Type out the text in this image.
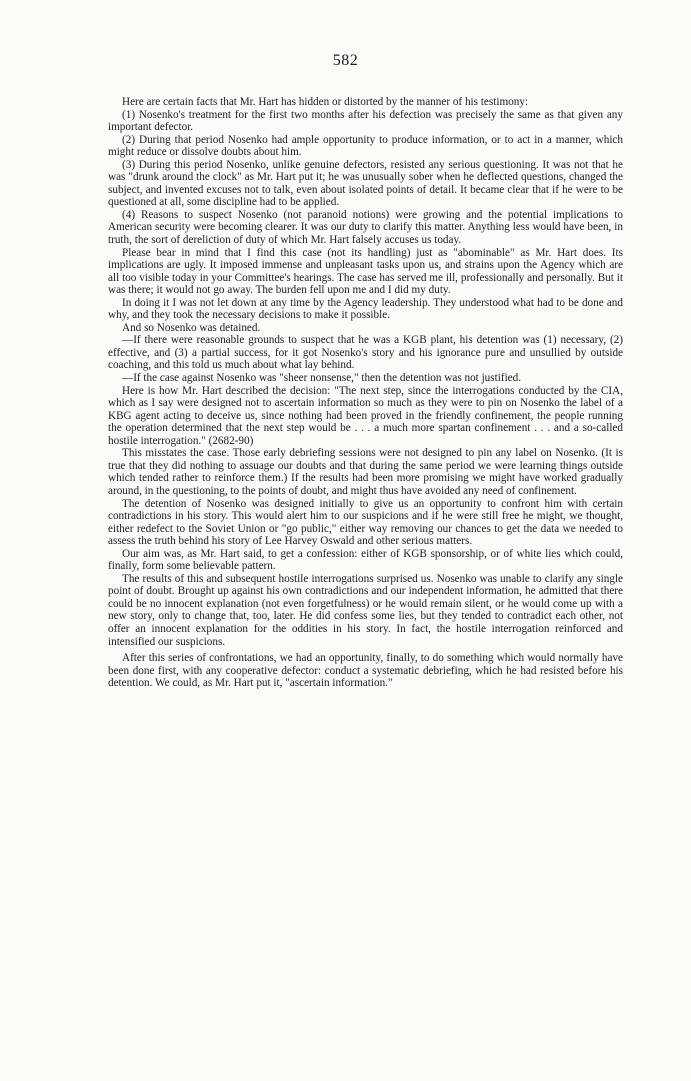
582

Here are certain facts that Mr. Hart has hidden or distorted by the manner of his testimony:

(1) Nosenko's treatment for the first two months after his defection was precisely the same as that given any important defector.

(2) During that period Nosenko had ample opportunity to produce information, or to act in a manner, which might reduce or dissolve doubts about him.

(3) During this period Nosenko, unlike genuine defectors, resisted any serious questioning. It was not that he was "drunk around the clock" as Mr. Hart put it; he was unusually sober when he deflected questions, changed the subject, and invented excuses not to talk, even about isolated points of detail. It became clear that if he were to be questioned at all, some discipline had to be applied.

(4) Reasons to suspect Nosenko (not paranoid notions) were growing and the potential implications to American security were becoming clearer. It was our duty to clarify this matter. Anything less would have been, in truth, the sort of dereliction of duty of which Mr. Hart falsely accuses us today.

Please bear in mind that I find this case (not its handling) just as "abominable" as Mr. Hart does. Its implications are ugly. It imposed immense and unpleasant tasks upon us, and strains upon the Agency which are all too visible today in your Committee's hearings. The case has served me ill, professionally and personally. But it was there; it would not go away. The burden fell upon me and I did my duty.

In doing it I was not let down at any time by the Agency leadership. They understood what had to be done and why, and they took the necessary decisions to make it possible.

And so Nosenko was detained.

—If there were reasonable grounds to suspect that he was a KGB plant, his detention was (1) necessary, (2) effective, and (3) a partial success, for it got Nosenko's story and his ignorance pure and unsullied by outside coaching, and this told us much about what lay behind.

—If the case against Nosenko was "sheer nonsense," then the detention was not justified.

Here is how Mr. Hart described the decision: "The next step, since the interrogations conducted by the CIA, which as I say were designed not to ascertain information so much as they were to pin on Nosenko the label of a KBG agent acting to deceive us, since nothing had been proved in the friendly confinement, the people running the operation determined that the next step would be . . . a much more spartan confinement . . . and a so-called hostile interrogation." (2682-90)

This misstates the case. Those early debriefing sessions were not designed to pin any label on Nosenko. (It is true that they did nothing to assuage our doubts and that during the same period we were learning things outside which tended rather to reinforce them.) If the results had been more promising we might have worked gradually around, in the questioning, to the points of doubt, and might thus have avoided any need of confinement.

The detention of Nosenko was designed initially to give us an opportunity to confront him with certain contradictions in his story. This would alert him to our suspicions and if he were still free he might, we thought, either redefect to the Soviet Union or "go public," either way removing our chances to get the data we needed to assess the truth behind his story of Lee Harvey Oswald and other serious matters.

Our aim was, as Mr. Hart said, to get a confession: either of KGB sponsorship, or of white lies which could, finally, form some believable pattern.

The results of this and subsequent hostile interrogations surprised us. Nosenko was unable to clarify any single point of doubt. Brought up against his own contradictions and our independent information, he admitted that there could be no innocent explanation (not even forgetfulness) or he would remain silent, or he would come up with a new story, only to change that, too, later. He did confess some lies, but they tended to contradict each other, not offer an innocent explanation for the oddities in his story. In fact, the hostile interrogation reinforced and intensified our suspicions.

After this series of confrontations, we had an opportunity, finally, to do something which would normally have been done first, with any cooperative defector: conduct a systematic debriefing, which he had resisted before his detention. We could, as Mr. Hart put it, "ascertain information."
